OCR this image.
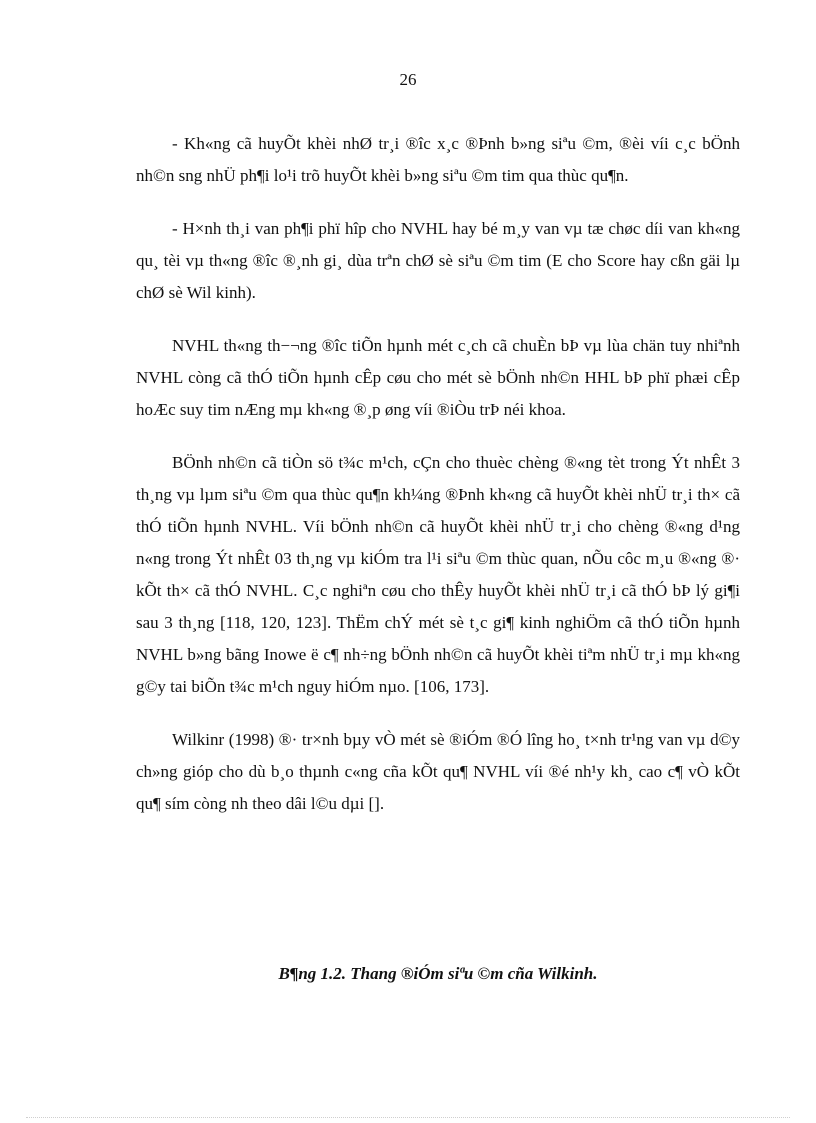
26

- Kh«ng cã huyÕt khèi nhØ tr¸i ®îc x¸c ®Þnh b»ng siªu ©m, ®èi víi c¸c bÖnh nh©n sng nhÜ ph¶i lo¹i trõ huyÕt khèi b»ng siªu ©m tim qua thùc qu¶n.

- H×nh th¸i van ph¶i phï hîp cho NVHL hay bé m¸y van vµ tæ chøc díi van kh«ng qu¸ tèi vµ th«ng ®îc ®¸nh gi¸ dùa trªn chØ sè siªu ©m tim (E cho Score hay cßn gäi lµ chØ sè Wil kinh).

NVHL th«ng th−¬ng ®îc tiÕn hµnh mét c¸ch cã chuÈn bÞ vµ lùa chän tuy nhiªnh NVHL còng cã thÓ tiÕn hµnh cÊp cøu cho mét sè bÖnh nh©n HHL bÞ phï phæi cÊp hoÆc suy tim nÆng mµ kh«ng ®¸p øng víi ®iÒu trÞ néi khoa.

BÖnh nh©n cã tiÒn sö t¾c m¹ch, cÇn cho thuèc chèng ®«ng tèt trong Ýt nhÊt 3 th¸ng vµ lµm siªu ©m qua thùc qu¶n kh¼ng ®Þnh kh«ng cã huyÕt khèi nhÜ tr¸i th× cã thÓ tiÕn hµnh NVHL. Víi bÖnh nh©n cã huyÕt khèi nhÜ tr¸i cho chèng ®«ng d¹ng n«ng trong Ýt nhÊt 03 th¸ng vµ kiÓm tra l¹i siªu ©m thùc quan, nÕu côc m¸u ®«ng ®· kÕt th× cã thÓ NVHL. C¸c nghiªn cøu cho thÊy huyÕt khèi nhÜ tr¸i cã thÓ bÞ lý gi¶i sau 3 th¸ng [118, 120, 123]. ThËm chÝ mét sè t¸c gi¶ kinh nghiÖm cã thÓ tiÕn hµnh NVHL b»ng bãng Inowe ë c¶ nh÷ng bÖnh nh©n cã huyÕt khèi tiªm nhÜ tr¸i mµ kh«ng g©y tai biÕn t¾c m¹ch nguy hiÓm nµo. [106, 173].

Wilkinr (1998) ®· tr×nh bµy vÒ mét sè ®iÓm ®Ó lîng ho¸ t×nh tr¹ng van vµ d©y ch»ng gióp cho dù b¸o thµnh c«ng cña kÕt qu¶ NVHL víi ®é nh¹y kh¸ cao c¶ vÒ kÕt qu¶ sím còng nh theo dâi l©u dµi [].

B¶ng 1.2. Thang ®iÓm siªu ©m cña Wilkinh.
